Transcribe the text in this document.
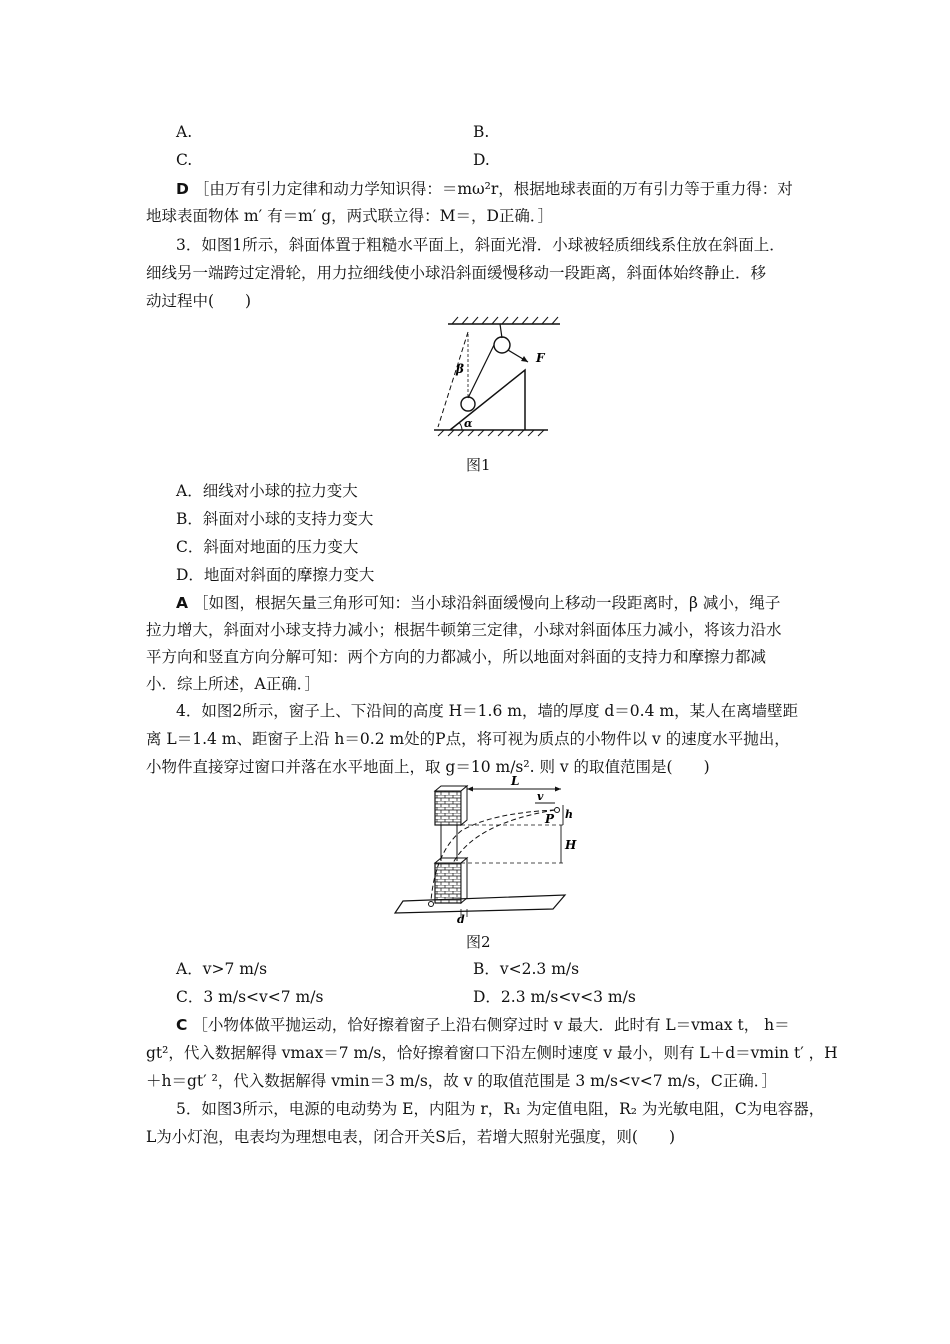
A.	B.
C.	D.
D ［由万有引力定律和动力学知识得：＝mω²r，根据地球表面的万有引力等于重力得：对
地球表面物体 m′ 有＝m′ g，两式联立得：M＝，D正确．］
3．如图1所示，斜面体置于粗糙水平面上，斜面光滑．小球被轻质细线系住放在斜面上．
细线另一端跨过定滑轮，用力拉细线使小球沿斜面缓慢移动一段距离，斜面体始终静止．移
动过程中(　　)
β
α
F
图1
A．细线对小球的拉力变大
B．斜面对小球的支持力变大
C．斜面对地面的压力变大
D．地面对斜面的摩擦力变大
A ［如图，根据矢量三角形可知：当小球沿斜面缓慢向上移动一段距离时，β 减小，绳子
拉力增大，斜面对小球支持力减小；根据牛顿第三定律，小球对斜面体压力减小，将该力沿水
平方向和竖直方向分解可知：两个方向的力都减小，所以地面对斜面的支持力和摩擦力都减
小．综上所述，A正确．］
4．如图2所示，窗子上、下沿间的高度 H＝1.6 m，墙的厚度 d＝0.4 m，某人在离墙壁距
离 L＝1.4 m、距窗子上沿 h＝0.2 m处的P点，将可视为质点的小物件以 v 的速度水平抛出，
小物件直接穿过窗口并落在水平地面上，取 g＝10 m/s². 则 v 的取值范围是(　　)
L
v
P h
H
d
图2
A．v>7 m/s	B．v<2.3 m/s
C．3 m/s<v<7 m/s	D．2.3 m/s<v<3 m/s
C ［小物体做平抛运动，恰好擦着窗子上沿右侧穿过时 v 最大．此时有 L＝vmax t， h＝
gt²，代入数据解得 vmax＝7 m/s，恰好擦着窗口下沿左侧时速度 v 最小，则有 L＋d＝vmin t′ ，H
＋h＝gt′ ²，代入数据解得 vmin＝3 m/s，故 v 的取值范围是 3 m/s<v<7 m/s，C正确．］
5．如图3所示，电源的电动势为 E，内阻为 r，R₁ 为定值电阻，R₂ 为光敏电阻，C为电容器，
L为小灯泡，电表均为理想电表，闭合开关S后，若增大照射光强度，则(　　)
